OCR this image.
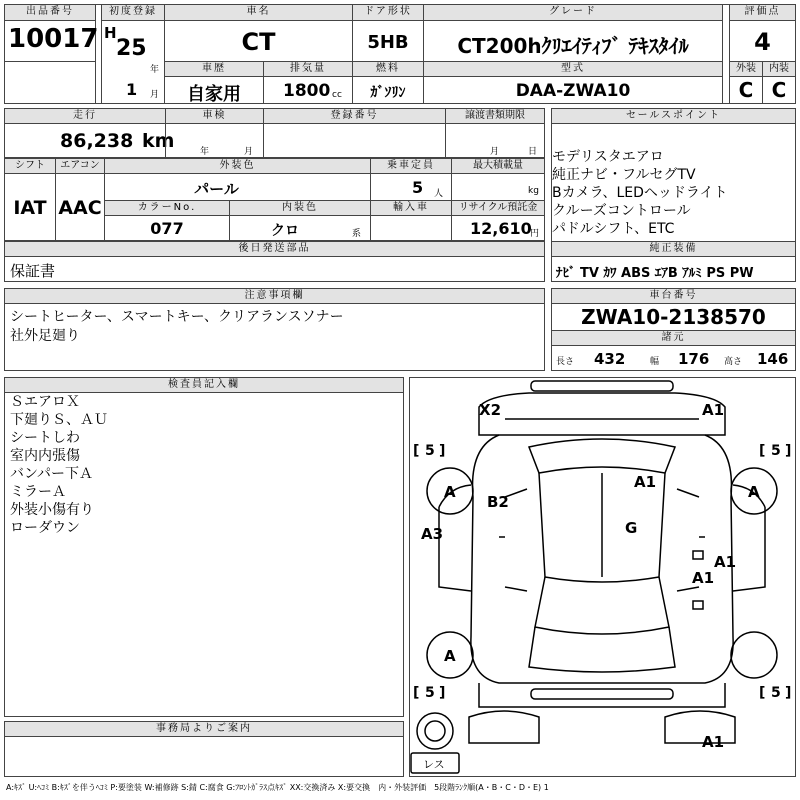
出品番号
10017
初度登録
H
25
年
1 月
車名
CT
ドア形状
5HB
グレード
CT200hｸﾘｴｲﾃｨﾌﾞ ﾃｷｽﾀｲﾙ
評価点
4
車歴
自家用
排気量
1800 cc
燃料
ｶﾞｿﾘﾝ
型式
DAA-ZWA10
外装	内装
C C
走行
86,238 km
車検
年	月
登録番号	譲渡書類期限
月	日
シフト
IAT
エアコン
AAC
外装色
パール
乗車定員
5 人
最大積載量
kg
カラーNo.
077
内装色
クロ	系
輸入車	リサイクル預託金
12,610
円
後日発送部品
保証書
セールスポイント
モデリスタエアロ
純正ナビ・フルセグTV
Bカメラ、LEDヘッドライト
クルーズコントロール
パドルシフト、ETC
純正装備
ﾅﾋﾞ TV ｶﾜ ABS ｴｱB ｱﾙﾐ PS PW
注意事項欄
シートヒーター、スマートキー、クリアランスソナー
社外足廻り
車台番号
ZWA10-2138570
諸元
長さ 432	幅 176 高さ 146
検査員記入欄
ＳエアロＸ
下廻りＳ、ＡＵ
シートしわ
室内内張傷
バンパー下Ａ
ミラーＡ
外装小傷有り
ローダウン
事務局よりご案内
[ 5 ]	[ 5 ]
[ 5 ]	[ 5 ]
X2	A1
A1
B2
G
A3
A1
A1
A1
A	A
A
レス
A:ｷｽﾞ U:ﾍｺﾐ B:ｷｽﾞを伴うﾍｺﾐ P:要塗装 W:補修跡 S:錆 C:腐食 G:ﾌﾛﾝﾄｶﾞﾗｽ点ｷｽﾞ XX:交換済み X:要交換　内・外装評価　5段階ﾗﾝｸ順(A・B・C・D・E) 1
